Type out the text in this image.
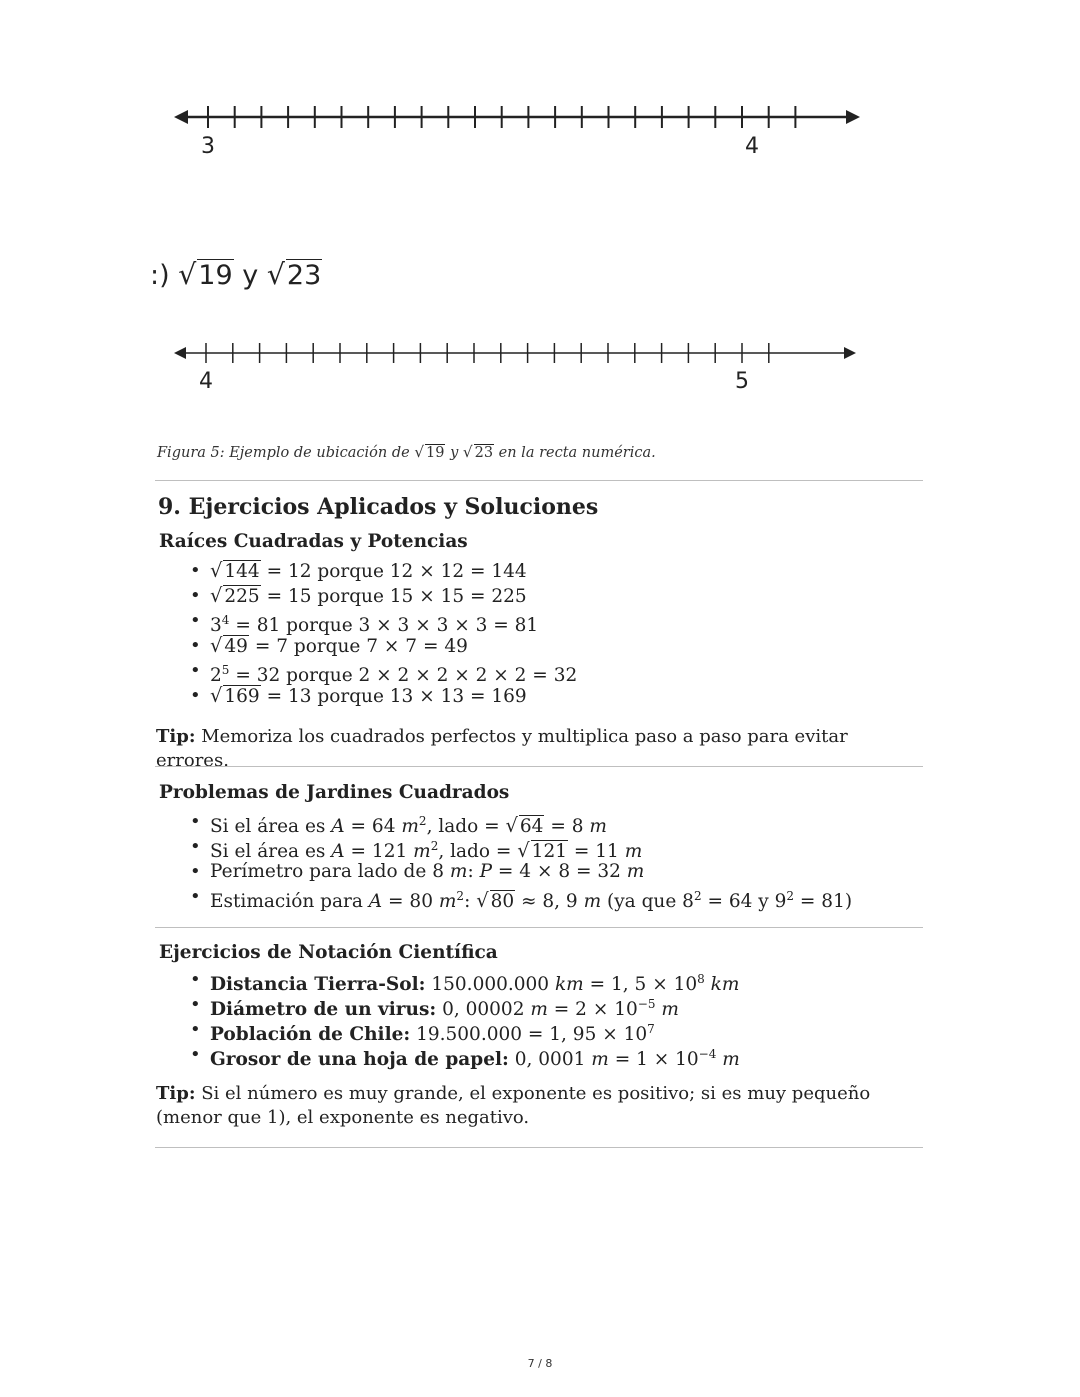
3	4
:) √19 y √23
4	5
Figura 5: Ejemplo de ubicación de √ 19 y √ 23 en la recta numérica.
9. Ejercicios Aplicados y Soluciones
Raíces Cuadradas y Potencias
• √ 144 = 12 porque 12 × 12 = 144
• √ 225 = 15 porque 15 × 15 = 225
• $3^4 = 81$ porque 3 × 3 × 3 × 3 = 81
• √ 49 = 7 porque 7 × 7 = 49
• $2^5 = 32$ porque 2 × 2 × 2 × 2 × 2 = 32
• √ 169 = 13 porque 13 × 13 = 169

Tip: Memoriza los cuadrados perfectos y multiplica paso a paso para evitar errores.

Problemas de Jardines Cuadrados
• Si el área es A = 64 $m^2$, lado = √ 64 = 8 m
• Si el área es A = 121 $m^2$, lado = √ 121 = 11 m
• Perímetro para lado de 8 m: P = 4 × 8 = 32 m
• Estimación para A = 80 $m^2$: √ 80 ≈ 8, 9 m (ya que $8^2 = 64$ y $9^2 = 81$)
Ejercicios de Notación Científica
• Distancia Tierra-Sol: 150.000.000 km = 1, $5 \times 10^8$ km
• Diámetro de un virus: 0, 00002 $m = 2 \times 10^{-5}$ m
• Población de Chile: 19.500.000 = 1, $95 \times 10^7$
• Grosor de una hoja de papel: 0, 0001 $m = 1 \times 10^{-4}$ m

Tip: Si el número es muy grande, el exponente es positivo; si es muy pequeño (menor que 1), el exponente es negativo.

7 / 8
